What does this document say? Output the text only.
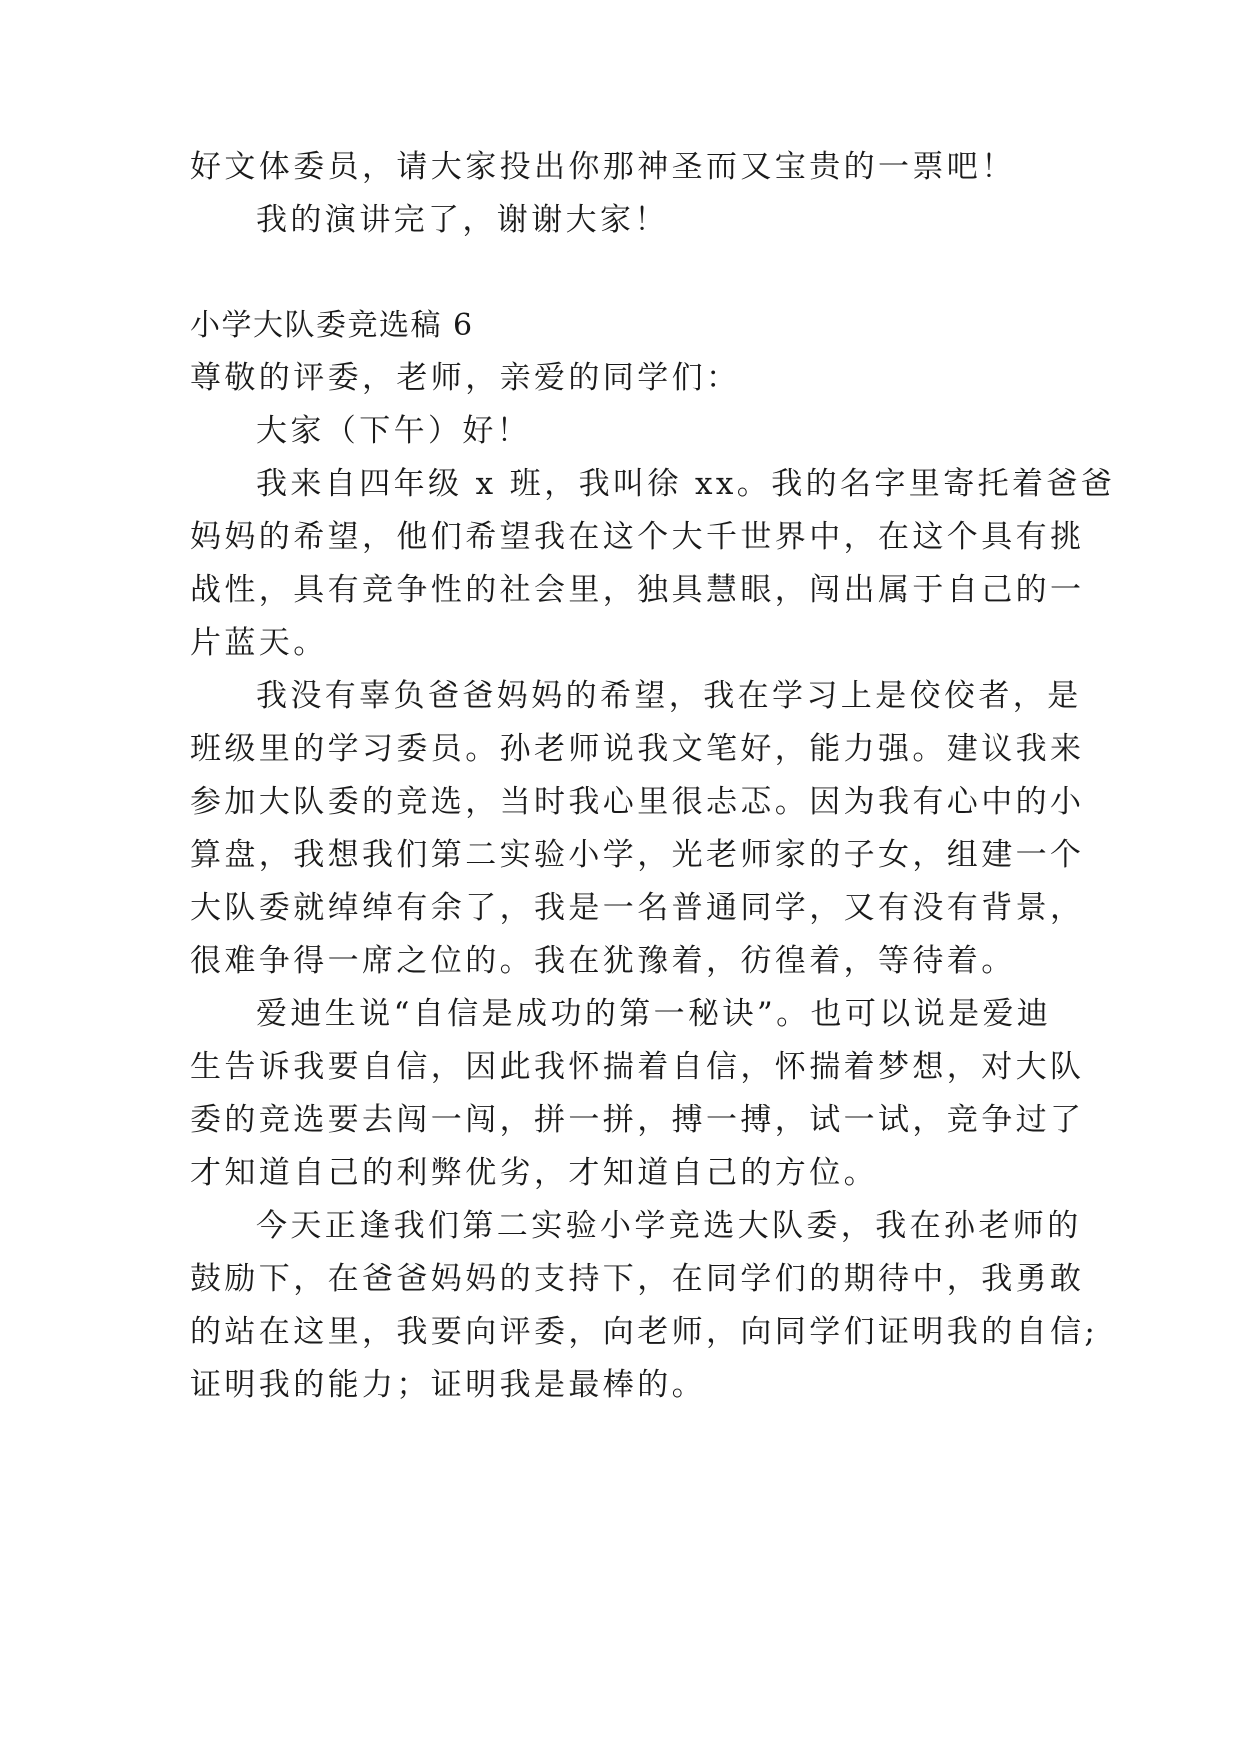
好文体委员，请大家投出你那神圣而又宝贵的一票吧！
我的演讲完了，谢谢大家！
小学大队委竞选稿 6
尊敬的评委，老师，亲爱的同学们：
大家（下午）好！
我来自四年级 x 班，我叫徐 xx。我的名字里寄托着爸爸
妈妈的希望，他们希望我在这个大千世界中，在这个具有挑
战性，具有竞争性的社会里，独具慧眼，闯出属于自己的一
片蓝天。
我没有辜负爸爸妈妈的希望，我在学习上是佼佼者，是
班级里的学习委员。孙老师说我文笔好，能力强。建议我来
参加大队委的竞选，当时我心里很忐忑。因为我有心中的小
算盘，我想我们第二实验小学，光老师家的子女，组建一个
大队委就绰绰有余了，我是一名普通同学，又有没有背景，
很难争得一席之位的。我在犹豫着，彷徨着，等待着。
爱迪生说“自信是成功的第一秘诀”。也可以说是爱迪
生告诉我要自信，因此我怀揣着自信，怀揣着梦想，对大队
委的竞选要去闯一闯，拼一拼，搏一搏，试一试，竞争过了
才知道自己的利弊优劣，才知道自己的方位。
今天正逢我们第二实验小学竞选大队委，我在孙老师的
鼓励下，在爸爸妈妈的支持下，在同学们的期待中，我勇敢
的站在这里，我要向评委，向老师，向同学们证明我的自信;
证明我的能力；证明我是最棒的。
